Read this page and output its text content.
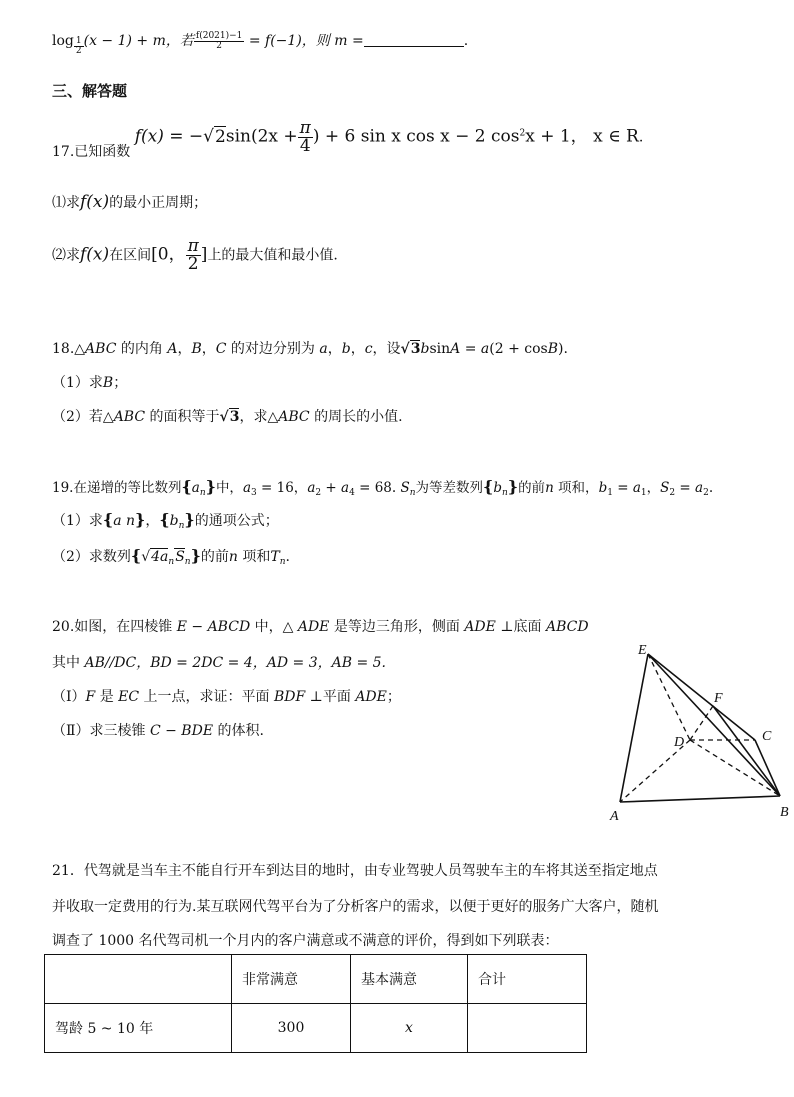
$\log \frac{1}{2} (x - 1) + m$，若 $\frac{f(2021)-1}{2} = f(-1)$，则 m =	.
三、解答题
17.已知函数 $f(x) = -√2\sin(2x + \frac{\pi}{4}$ ) + 6 sin x cos x − 2 $\cos^2x + 1$， x ∈ R.
⑴求f(x)的最小正周期；
⑵求f(x)在区间[0， $\frac{\pi}{2}$ ]上的最大值和最小值.
18.△ABC 的内角 A，B，C 的对边分别为 a，b，c，设√3bsinA = a(2 + cosB).
（1）求B；
（2）若△ABC 的面积等于√3，求△ABC 的周长的小值.
19.在递增的等比数列$\{a_n\}$中，$a_3 = 16$，$a_2 + a_4 = 68$. $S_n$为等差数列$\{b_n\}$的前n 项和，$b_1 = a_1$，$S_2 = a_2$.
（1）求{a n}，$\{b_n\}$的通项公式；
（2）求数列$\{√4a_nS_n\}$的前n 项和$T_n$.
20.如图，在四棱锥 E − ABCD 中，△ ADE 是等边三角形，侧面 ADE ⊥底面 ABCD
其中 AB//DC，BD = 2DC = 4，AD = 3，AB = 5.
（Ⅰ）F 是 EC 上一点，求证：平面 BDF ⊥平面 ADE；
（Ⅱ）求三棱锥 C − BDE 的体积.
E
F
D	C
A	B
21．代驾就是当车主不能自行开车到达目的地时，由专业驾驶人员驾驶车主的车将其送至指定地点
并收取一定费用的行为.某互联网代驾平台为了分析客户的需求，以便于更好的服务广大客户，随机
调查了 1000 名代驾司机一个月内的客户满意或不满意的评价，得到如下列联表：
	非常满意	基本满意	合计
驾龄 5 ~ 10 年	300	x	
